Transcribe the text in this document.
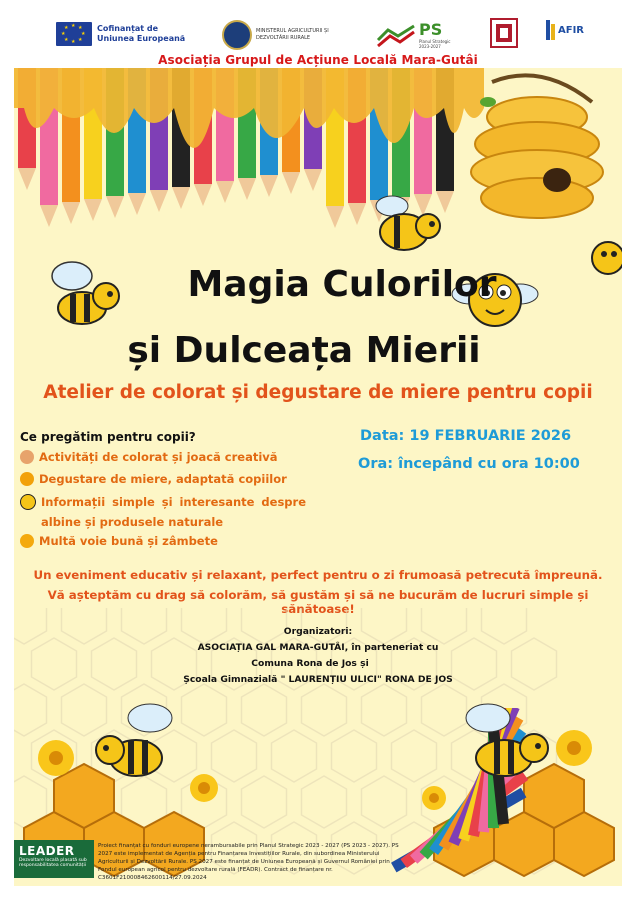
★ ★
★
★
★
★
★
★	Cofinanțat de
Uniunea Europeană
MINISTERUL AGRICULTURII ȘI
DEZVOLTĂRII RURALE	PS
Planul Strategic
2023-2027
AFIR
Asociația Grupul de Acțiune Locală Mara-Gutâi
Magia Culorilor
și Dulceața Mierii
Atelier de colorat și degustare de miere pentru copii
Ce pregătim pentru copii?
Activități de colorat și joacă creativă
Degustare de miere, adaptată copiilor
Informații simple și interesante despre albine și produsele naturale
Multă voie bună și zâmbete
Data: 19 FEBRUARIE 2026
Ora: începând cu ora 10:00
Un eveniment educativ și relaxant, perfect pentru o zi frumoasă petrecută împreună.
Vă așteptăm cu drag să colorăm, să gustăm și să ne bucurăm de lucruri simple și sănătoase!
Organizatori:
ASOCIAȚIA GAL MARA-GUTÂI, în parteneriat cu
Comuna Rona de Jos și
Școala Gimnazială " LAURENȚIU ULICI" RONA DE JOS
LEADER
Dezvoltare locală plasată sub
responsabilitatea comunității
Proiect finanțat cu fonduri europene nerambursabile prin Planul Strategic 2023 - 2027 (PS 2023 - 2027). PS 2027 este implementat de Agenția pentru Finanțarea Investițiilor Rurale, din subordinea Ministerului Agriculturii și Dezvoltării Rurale. PS 2027 este finanțat de Uniunea Europeană și Guvernul României prin Fondul european agricol pentru dezvoltare rurală (FEADR). Contract de finanțare nr. C3601F210008462600114/27.09.2024
